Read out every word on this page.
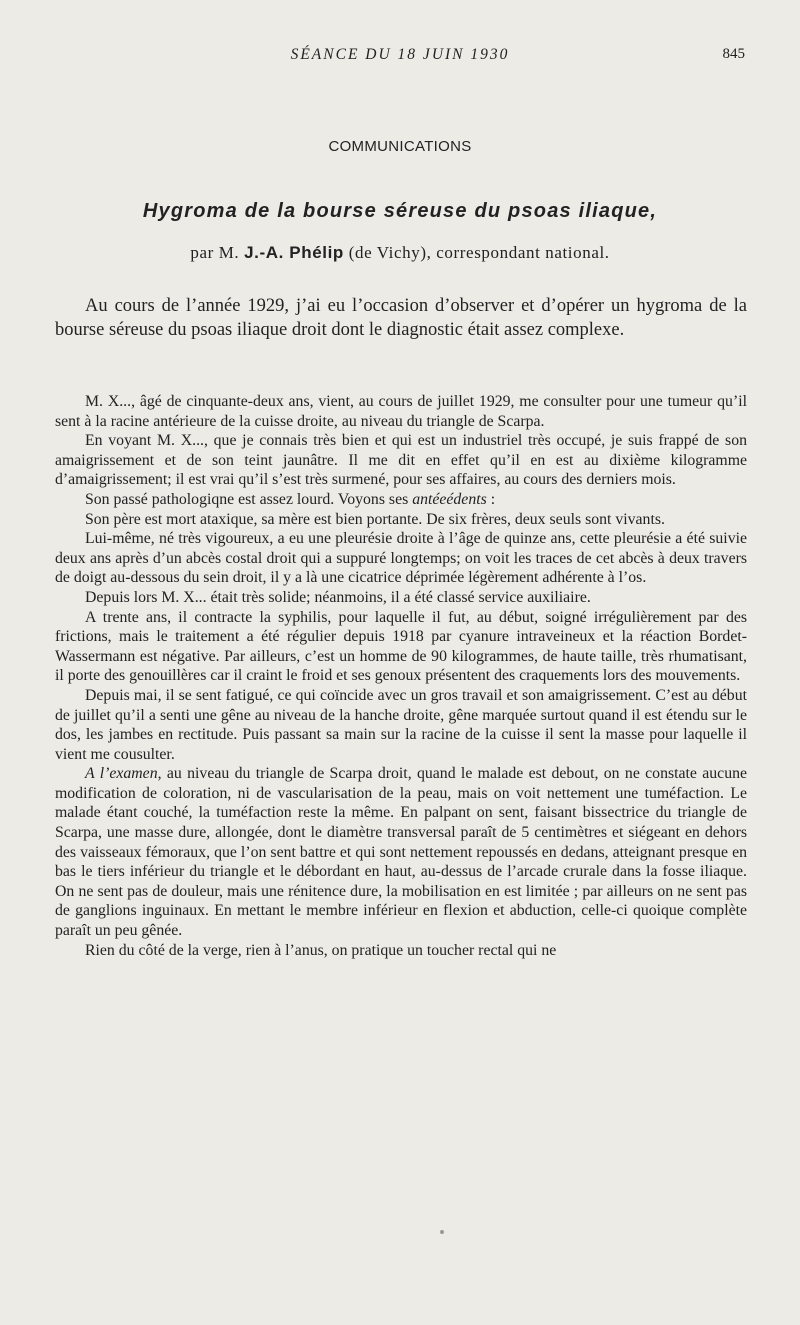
SÉANCE DU 18 JUIN 1930	845
COMMUNICATIONS
Hygroma de la bourse séreuse du psoas iliaque,
par M. J.-A. Phélip (de Vichy), correspondant national.

Au cours de l’année 1929, j’ai eu l’occasion d’observer et d’opérer un hygroma de la bourse séreuse du psoas iliaque droit dont le diagnostic était assez complexe.

M. X..., âgé de cinquante-deux ans, vient, au cours de juillet 1929, me consulter pour une tumeur qu’il sent à la racine antérieure de la cuisse droite, au niveau du triangle de Scarpa.

En voyant M. X..., que je connais très bien et qui est un industriel très occupé, je suis frappé de son amaigrissement et de son teint jaunâtre. Il me dit en effet qu’il en est au dixième kilogramme d’amaigrissement; il est vrai qu’il s’est très surmené, pour ses affaires, au cours des derniers mois.

Son passé pathologiqne est assez lourd. Voyons ses antéeédents :

Son père est mort ataxique, sa mère est bien portante. De six frères, deux seuls sont vivants.

Lui-même, né très vigoureux, a eu une pleurésie droite à l’âge de quinze ans, cette pleurésie a été suivie deux ans après d’un abcès costal droit qui a suppuré longtemps; on voit les traces de cet abcès à deux travers de doigt au-dessous du sein droit, il y a là une cicatrice déprimée légèrement adhérente à l’os.

Depuis lors M. X... était très solide; néanmoins, il a été classé service auxiliaire.

A trente ans, il contracte la syphilis, pour laquelle il fut, au début, soigné irrégulièrement par des frictions, mais le traitement a été régulier depuis 1918 par cyanure intraveineux et la réaction Bordet-Wassermann est négative. Par ailleurs, c’est un homme de 90 kilogrammes, de haute taille, très rhumatisant, il porte des genouillères car il craint le froid et ses genoux présentent des craquements lors des mouvements.

Depuis mai, il se sent fatigué, ce qui coïncide avec un gros travail et son amaigrissement. C’est au début de juillet qu’il a senti une gêne au niveau de la hanche droite, gêne marquée surtout quand il est étendu sur le dos, les jambes en rectitude. Puis passant sa main sur la racine de la cuisse il sent la masse pour laquelle il vient me cousulter.

A l’examen, au niveau du triangle de Scarpa droit, quand le malade est debout, on ne constate aucune modification de coloration, ni de vascularisation de la peau, mais on voit nettement une tuméfaction. Le malade étant couché, la tuméfaction reste la même. En palpant on sent, faisant bissectrice du triangle de Scarpa, une masse dure, allongée, dont le diamètre transversal paraît de 5 centimètres et siégeant en dehors des vaisseaux fémoraux, que l’on sent battre et qui sont nettement repoussés en dedans, atteignant presque en bas le tiers inférieur du triangle et le débordant en haut, au-dessus de l’arcade crurale dans la fosse iliaque. On ne sent pas de douleur, mais une rénitence dure, la mobilisation en est limitée ; par ailleurs on ne sent pas de ganglions inguinaux. En mettant le membre inférieur en flexion et abduction, celle-ci quoique complète paraît un peu gênée.

Rien du côté de la verge, rien à l’anus, on pratique un toucher rectal qui ne
